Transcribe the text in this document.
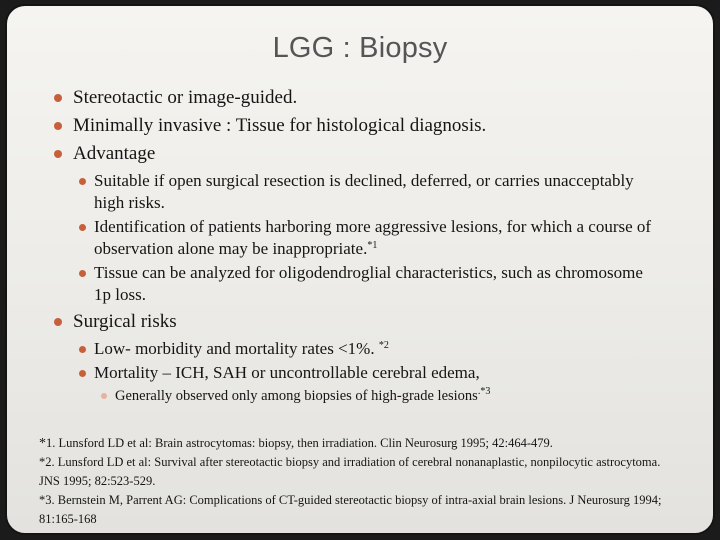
LGG : Biopsy
Stereotactic or image-guided.
Minimally invasive : Tissue for histological diagnosis.
Advantage
Suitable if open surgical resection is declined, deferred, or carries unacceptably high risks.
Identification of patients harboring more aggressive lesions, for which a course of observation alone may be inappropriate.$^{*1}$
Tissue can be analyzed for oligodendroglial characteristics, such as chromosome 1p loss.
Surgical risks
Low- morbidity and mortality rates <1%. $^{*2}$
Mortality – ICH, SAH or uncontrollable cerebral edema,
Generally observed only among biopsies of high-grade lesions$^{.*3}$
*1. Lunsford LD et al: Brain astrocytomas: biopsy, then irradiation. Clin Neurosurg 1995; 42:464-479.
*2. Lunsford LD et al: Survival after stereotactic biopsy and irradiation of cerebral nonanaplastic, nonpilocytic astrocytoma. JNS 1995; 82:523-529.
*3. Bernstein M, Parrent AG: Complications of CT-guided stereotactic biopsy of intra-axial brain lesions. J Neurosurg 1994; 81:165-168
